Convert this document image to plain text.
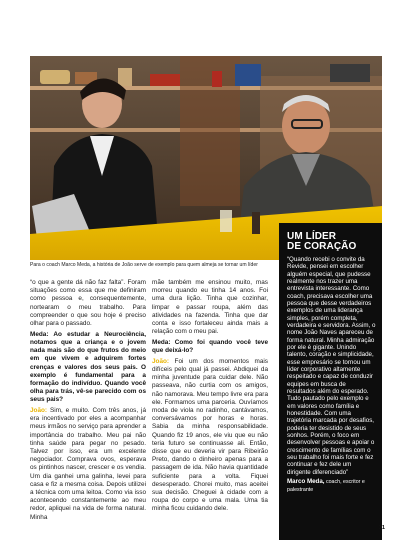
Para o coach Marco Meda, a história de João serve de exemplo para quem almeja se tornar um líder

“o que a gente dá não faz falta”. Foram situações como essa que me definiram como pessoa e, consequentemente, nortearam o meu trabalho. Para compreender o que sou hoje é preciso olhar para o passado.

Meda: Ao estudar a Neurociência, notamos que a criança e o jovem nada mais são do que frutos do meio em que vivem e adquirem fortes crenças e valores dos seus pais. O exemplo é fundamental para a formação do indivíduo. Quando você olha para trás, vê-se parecido com os seus pais?

João: Sim, e muito. Com três anos, já era incentivado por eles a acompanhar meus irmãos no serviço para aprender a importância do trabalho. Meu pai não tinha saúde para pegar no pesado. Talvez por isso, era um excelente negociador. Comprava ovos, esperava os pintinhos nascer, crescer e os vendia. Um dia ganhei uma galinha, levei para casa e fiz a mesma coisa. Depois utilizei a técnica com uma leitoa. Como via isso acontecendo constantemente ao meu redor, apliquei na vida de forma natural. Minha

mãe também me ensinou muito, mas morreu quando eu tinha 14 anos. Foi uma dura lição. Tinha que cozinhar, limpar e passar roupa, além das atividades na fazenda. Tinha que dar conta e isso fortaleceu ainda mais a relação com o meu pai.

Meda: Como foi quando você teve que deixá-lo?

João: Foi um dos momentos mais difíceis pelo qual já passei. Abdiquei da minha juventude para cuidar dele. Não passeava, não curtia com os amigos, não namorava. Meu tempo livre era para ele. Formamos uma parceria. Ouvíamos moda de viola no radinho, cantávamos, conversávamos por horas e horas. Sabia da minha responsabilidade. Quando fiz 19 anos, ele viu que eu não teria futuro se continuasse ali. Então, disse que eu deveria vir para Ribeirão Preto, dando o dinheiro apenas para a passagem de ida. Não havia quantidade suficiente para a volta. Fiquei desesperado. Chorei muito, mas aceitei sua decisão. Cheguei à cidade com a roupa do corpo e uma mala. Uma tia minha ficou cuidando dele.

UM LÍDER
DE CORAÇÃO

“Quando recebi o convite da Revide, pensei em escolher alguém especial, que pudesse realmente nos trazer uma entrevista interessante. Como coach, precisava escolher uma pessoa que desse verdadeiros exemplos de uma liderança simples, porém completa, verdadeira e servidora. Assim, o nome João Naves apareceu de forma natural. Minha admiração por ele é gigante. Unindo talento, coração e simplicidade, esse empresário se tornou um líder corporativo altamente respeitado e capaz de conduzir equipes em busca de resultados além do esperado. Tudo pautado pelo exemplo e em valores como família e honestidade. Com uma trajetória marcada por desafios, poderia ter desistido de seus sonhos. Porém, o foco em desenvolver pessoas e apoiar o crescimento de famílias com o seu trabalho foi mais forte e fez continuar e fez dele um dirigente diferenciado”

Marco Meda, coach, escritor e palestrante
31
